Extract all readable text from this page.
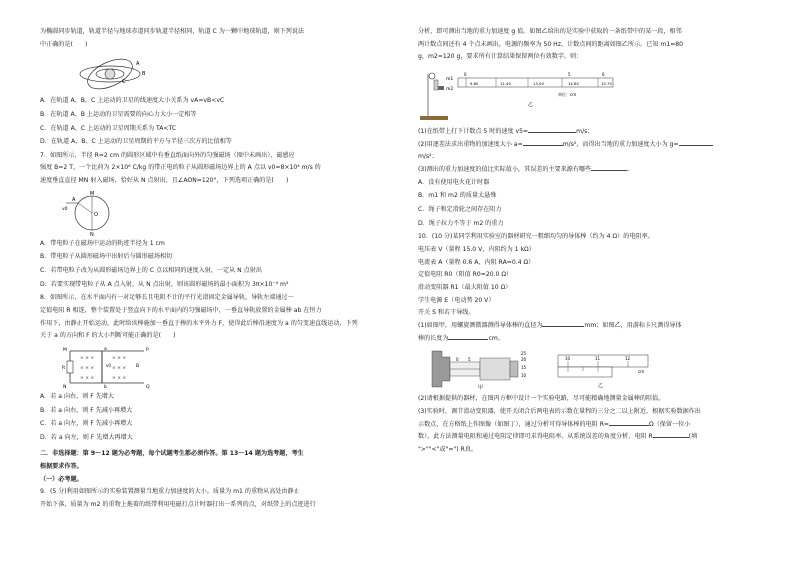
为椭圆同步轨道，轨道半径与地球赤道同步轨道半径相同，轨道 C 为一颗中地球轨道，则下列说法

中正确的是(　　)

A
B
C

A．在轨道 A、B、C 上运动的卫星的线速度大小关系为 vA=vB<vC

B．在轨道 A、B 上运动的卫星需要的向心力大小一定相等

C．在轨道 A、C 上运动的卫星周期关系为 TA<TC

D．在轨道 A、B、C 上运动的卫星周期的平方与半径三次方的比值相等

7．如图所示，半径 R=2 cm 的圆形区域中有垂直纸面向外的匀强磁场（图中未画出），磁感应

强度 B=2 T，一个比荷为 2×10⁶ C/kg 的带正电的粒子从圆形磁场边界上的 A 点以 v0=8×10⁴ m/s 的

速度垂直直径 MN 射入磁场，恰好从 N 点射出，且∠AON=120°，下列选项正确的是(　　)

A
M
O
N
v0

A．带电粒子在磁场中运动的轨迹半径为 1 cm

B．带电粒子从圆形磁场中出射后与圆形磁场相切

C．若带电粒子改为从圆形磁场边界上的 C 点以相同的速度入射，一定从 N 点射出

D．若要实现带电粒子从 A 点入射，从 N 点出射，则该圆形磁场的最小面积为 3π×10⁻⁴ m²

8．如图所示，在水平面内有一对足够长且电阻不计的平行光滑固定金属导轨，导轨左端通过一

定值电阻 R 相连，整个装置处于竖直向下的水平面内的匀强磁场中，一垂直导轨放置的金属棒 ab 在恒力

作用下，由静止开始运动，此时给该棒施加一垂直于棒的水平外力 F，使得此后棒沿速度为 a 的匀变速直线运动，下列

关于 a 的方向和 F 的大小判断可能正确的是(　　)

× × ×	× × ×
× × ×	× × ×
× × ×	× × ×
M
R
P
a
b
v0	B
N	Q

A．若 a 向右，则 F 先增大

B．若 a 向右，则 F 先减小再增大

C．若 a 向左，则 F 先减小再增大

D．若 a 向左，则 F 先增大再增大

二．非选择题：第 9～12 题为必考题，每个试题考生都必须作答。第 13～14 题为选考题，考生

根据要求作答。

（一）必考题。

9．(5 分)利用如图所示的实验装置测量当地重力加速度的大小。质量为 m1 的重物从高处由静止

开始下落，质量为 m2 的重物上拖着的纸带利用电磁打点计时器打出一系列的点，对纸带上的点迹进行

分析，即可测出当地的重力加速度 g 值。如图乙给出的是实验中获取的一条纸带中的某一段，相邻

两计数点间还有 4 个点未画出，电源的频率为 50 Hz，计数点间的距离如图乙所示。已知 m1=80

g，m2=120 g，要求所有计算结果保留两位有效数字。则：

m1
m2
5	6
0
9.80	11.40	13.00	14.60	15.70
单位：cm
乙

(1)在纸带上打下计数点 5 时的速度 v5=	m/s；

(2)用逐差法求出重物的加速度大小 a=	m/s²，而得出当地的重力加速度大小为 g=

m/s²；

(3)测出的重力加速度的值比实际值小，其误差的主要来源有哪些	。

A．没有使用电火花计时器

B．m1 和 m2 的质量太悬殊

C．绳子和定滑轮之间存在阻力

D．绳子拉力不等于 m2 的重力

10．(10 分)某同学利用实验室的器材研究一粗细均匀的导体棒（约为 4 Ω）的电阻率。

电压表 V（量程 15.0 V，内阻约为 1 kΩ）

电流表 A（量程 0.6 A，内阻 RA=0.4 Ω）

定值电阻 R0（阻值 R0=20.0 Ω）

滑动变阻器 R1（最大阻值 10 Ω）

学生电源 E（电动势 20 V）

开关 S 和若干导线。

(1)如图甲，用螺旋测微器测得导体棒的直径为	mm；如图乙，用游标卡尺测得导体

棒的长度为	cm。

0 5	20
25
15
10
甲
10	11	12
cm
乙

(2)请根据提供的器材，在图丙方框中设计一个实验电路，尽可能精确地测量金属棒的阻值。

(3)实验时，调节滑动变阻器，使开关闭合后两电表的示数在量程的三分之二以上附近，根据实验数据作出

示数点，在方格纸上作图像（如图丁），通过分析可得导体棒的电阻 R=	Ω（保留一位小

数），此方法测量电阻和通过电阻定律即可求得电阻率。从系统误差的角度分析，电阻 R	(填

">""<"或"=") R真。
